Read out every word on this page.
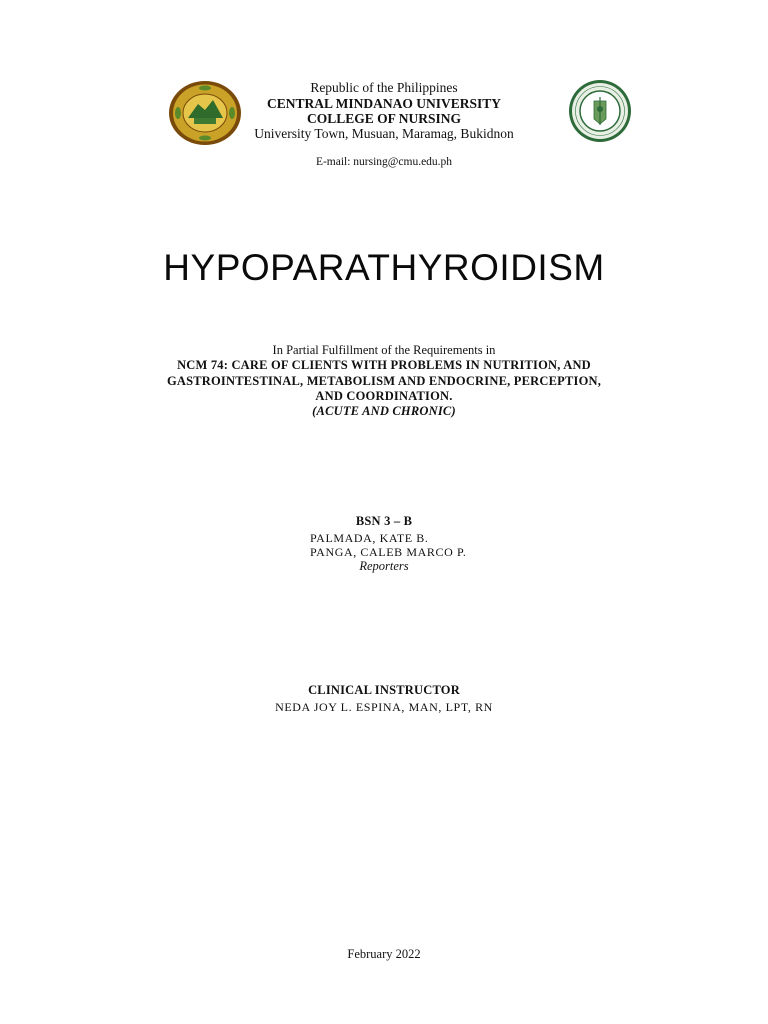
Republic of the Philippines
CENTRAL MINDANAO UNIVERSITY
COLLEGE OF NURSING
University Town, Musuan, Maramag, Bukidnon
E-mail: nursing@cmu.edu.ph
HYPOPARATHYROIDISM
In Partial Fulfillment of the Requirements in
NCM 74: CARE OF CLIENTS WITH PROBLEMS IN NUTRITION, AND
GASTROINTESTINAL, METABOLISM AND ENDOCRINE, PERCEPTION,
AND COORDINATION.
(ACUTE AND CHRONIC)
BSN 3 – B
PALMADA, KATE B.
PANGA, CALEB MARCO P.
Reporters
CLINICAL INSTRUCTOR
NEDA JOY L. ESPINA, MAN, LPT, RN
February 2022
